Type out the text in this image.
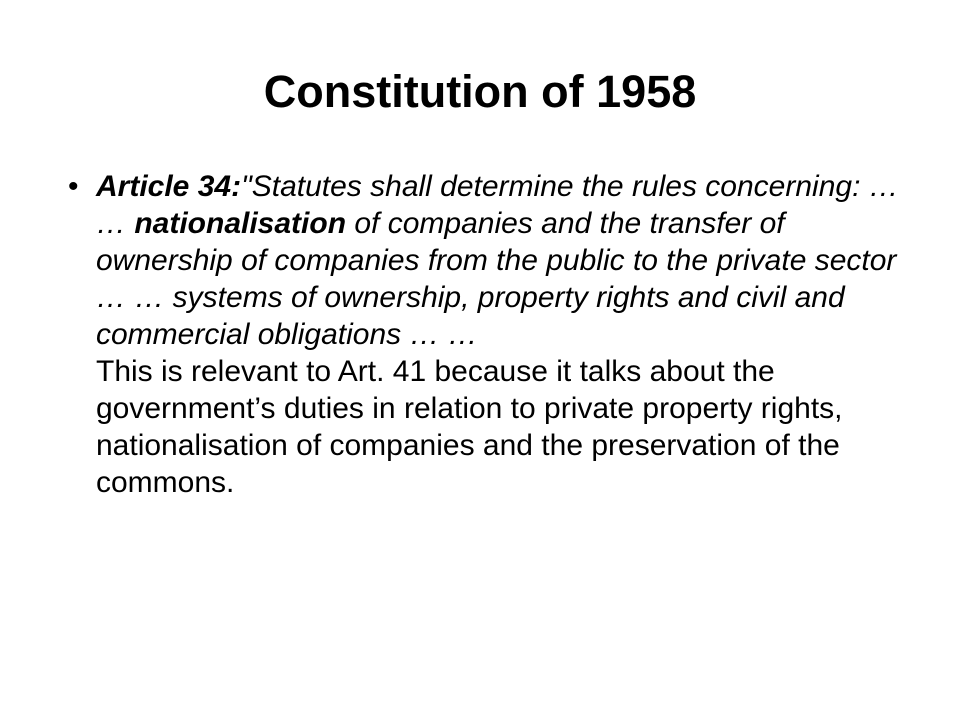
Constitution of 1958
• Article 34:"Statutes shall determine the rules concerning: … … nationalisation of companies and the transfer of ownership of companies from the public to the private sector … … systems of ownership, property rights and civil and commercial obligations … …
This is relevant to Art. 41 because it talks about the government’s duties in relation to private property rights, nationalisation of companies and the preservation of the commons.
